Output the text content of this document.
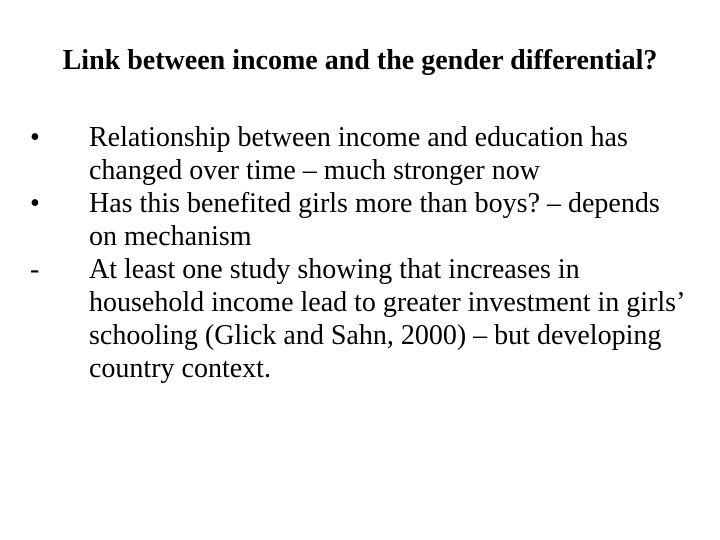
Link between income and the gender differential?
•	Relationship between income and education has changed over time – much stronger now
•	Has this benefited girls more than boys? – depends on mechanism
-	At least one study showing that increases in household income lead to greater investment in girls’ schooling (Glick and Sahn, 2000) – but developing country context.
